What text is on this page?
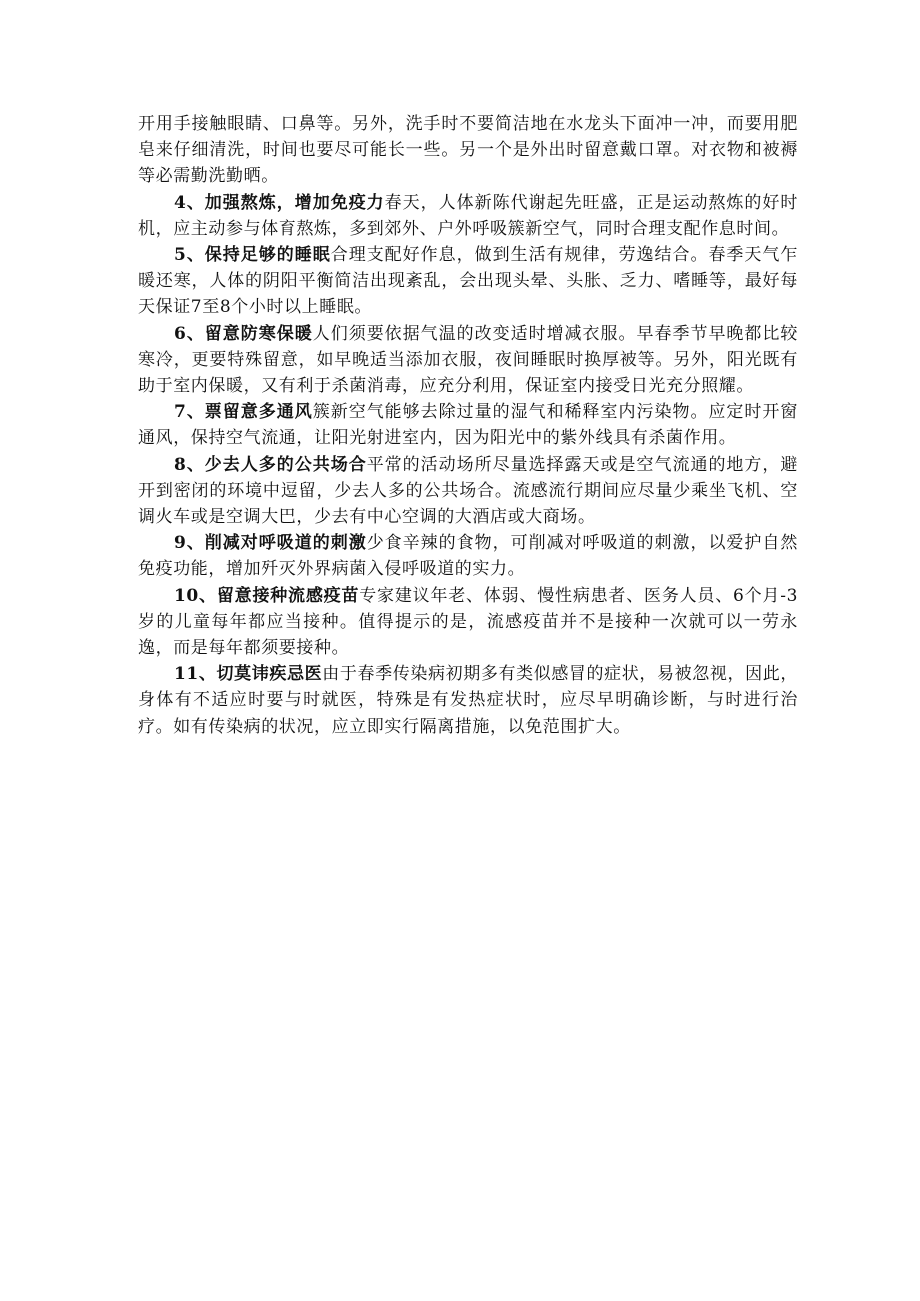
开用手接触眼睛、口鼻等。另外，洗手时不要简洁地在水龙头下面冲一冲，而要用肥皂来仔细清洗，时间也要尽可能长一些。另一个是外出时留意戴口罩。对衣物和被褥等必需勤洗勤晒。

4、加强熬炼，增加免疫力春天，人体新陈代谢起先旺盛，正是运动熬炼的好时机，应主动参与体育熬炼，多到郊外、户外呼吸簇新空气，同时合理支配作息时间。

5、保持足够的睡眠合理支配好作息，做到生活有规律，劳逸结合。春季天气乍暖还寒，人体的阴阳平衡简洁出现紊乱，会出现头晕、头胀、乏力、嗜睡等，最好每天保证7至8个小时以上睡眠。

6、留意防寒保暖人们须要依据气温的改变适时增减衣服。早春季节早晚都比较寒冷，更要特殊留意，如早晚适当添加衣服，夜间睡眠时换厚被等。另外，阳光既有助于室内保暖，又有利于杀菌消毒，应充分利用，保证室内接受日光充分照耀。

7、票留意多通风簇新空气能够去除过量的湿气和稀释室内污染物。应定时开窗通风，保持空气流通，让阳光射进室内，因为阳光中的紫外线具有杀菌作用。

8、少去人多的公共场合平常的活动场所尽量选择露天或是空气流通的地方，避开到密闭的环境中逗留，少去人多的公共场合。流感流行期间应尽量少乘坐飞机、空调火车或是空调大巴，少去有中心空调的大酒店或大商场。

9、削减对呼吸道的刺激少食辛辣的食物，可削减对呼吸道的刺激，以爱护自然免疫功能，增加歼灭外界病菌入侵呼吸道的实力。

10、留意接种流感疫苗专家建议年老、体弱、慢性病患者、医务人员、6个月-3岁的儿童每年都应当接种。值得提示的是，流感疫苗并不是接种一次就可以一劳永逸，而是每年都须要接种。

11、切莫讳疾忌医由于春季传染病初期多有类似感冒的症状，易被忽视，因此，身体有不适应时要与时就医，特殊是有发热症状时，应尽早明确诊断，与时进行治疗。如有传染病的状况，应立即实行隔离措施，以免范围扩大。
